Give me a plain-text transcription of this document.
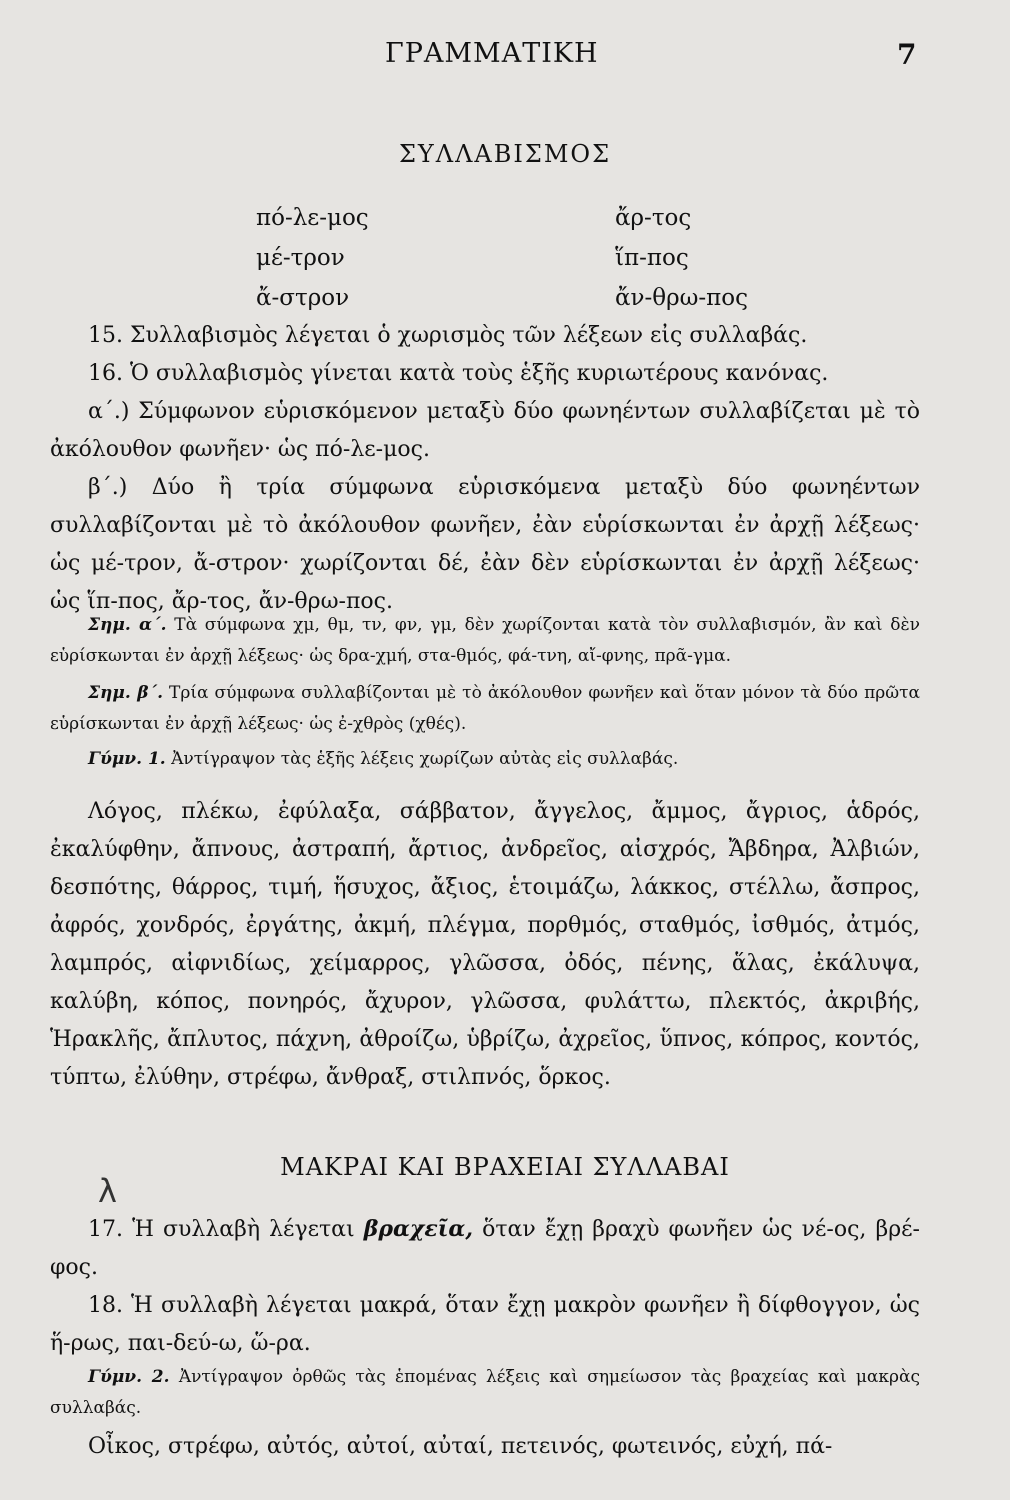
ΓΡΑΜΜΑΤΙΚΗ	7
ΣΥΛΛΑΒΙΣΜΟΣ
πό-λε-μος	ἄρ-τος
μέ-τρον	ἵπ-πος
ἄ-στρον	ἄν-θρω-πος
15. Συλλαβισμὸς λέγεται ὁ χωρισμὸς τῶν λέξεων εἰς συλλαβάς.
16. Ὁ συλλαβισμὸς γίνεται κατὰ τοὺς ἑξῆς κυριωτέρους κανόνας.
α΄.) Σύμφωνον εὑρισκόμενον μεταξὺ δύο φωνηέντων συλλαβίζεται μὲ τὸ ἀκόλουθον φωνῆεν· ὡς πό-λε-μος.
β΄.) Δύο ἢ τρία σύμφωνα εὑρισκόμενα μεταξὺ δύο φωνηέντων συλλαβίζονται μὲ τὸ ἀκόλουθον φωνῆεν, ἐὰν εὑρίσκωνται ἐν ἀρχῇ λέξεως· ὡς μέ-τρον, ἄ-στρον· χωρίζονται δέ, ἐὰν δὲν εὑρίσκωνται ἐν ἀρχῇ λέξεως· ὡς ἵπ-πος, ἄρ-τος, ἄν-θρω-πος.
Σημ. α΄. Τὰ σύμφωνα χμ, θμ, τν, φν, γμ, δὲν χωρίζονται κατὰ τὸν συλλαβισμόν, ἂν καὶ δὲν εὑρίσκωνται ἐν ἀρχῇ λέξεως· ὡς δρα-χμή, στα-θμός, φά-τνη, αἴ-φνης, πρᾶ-γμα.
Σημ. β΄. Τρία σύμφωνα συλλαβίζονται μὲ τὸ ἀκόλουθον φωνῆεν καὶ ὅταν μόνον τὰ δύο πρῶτα εὑρίσκωνται ἐν ἀρχῇ λέξεως· ὡς ἐ-χθρὸς (χθές).
Γύμν. 1. Ἀντίγραψον τὰς ἑξῆς λέξεις χωρίζων αὐτὰς εἰς συλλαβάς.
Λόγος, πλέκω, ἐφύλαξα, σάββατον, ἄγγελος, ἄμμος, ἄγριος, ἁδρός, ἐκαλύφθην, ἄπνους, ἀστραπή, ἄρτιος, ἀνδρεῖος, αἰσχρός, Ἄβδηρα, Ἀλβιών, δεσπότης, θάρρος, τιμή, ἥσυχος, ἄξιος, ἑτοιμάζω, λάκκος, στέλλω, ἄσπρος, ἀφρός, χονδρός, ἐργάτης, ἀκμή, πλέγμα, πορθμός, σταθμός, ἰσθμός, ἀτμός, λαμπρός, αἰφνιδίως, χείμαρρος, γλῶσσα, ὀδός, πένης, ἅλας, ἐκάλυψα, καλύβη, κόπος, πονηρός, ἄχυρον, γλῶσσα, φυλάττω, πλεκτός, ἀκριβής, Ἡρακλῆς, ἄπλυτος, πάχνη, ἀθροίζω, ὑβρίζω, ἀχρεῖος, ὕπνος, κόπρος, κοντός, τύπτω, ἐλύθην, στρέφω, ἄνθραξ, στιλπνός, ὅρκος.
ΜΑΚΡΑΙ ΚΑΙ ΒΡΑΧΕΙΑΙ ΣΥΛΛΑΒΑΙ
λ
17. Ἡ συλλαβὴ λέγεται βραχεῖα, ὅταν ἔχῃ βραχὺ φωνῆεν ὡς νέ-ος, βρέ-φος.
18. Ἡ συλλαβὴ λέγεται μακρά, ὅταν ἔχῃ μακρὸν φωνῆεν ἢ δίφθογγον, ὡς ἥ-ρως, παι-δεύ-ω, ὥ-ρα.
Γύμν. 2. Ἀντίγραψον ὀρθῶς τὰς ἑπομένας λέξεις καὶ σημείωσον τὰς βραχείας καὶ μακρὰς συλλαβάς.
Οἶκος, στρέφω, αὐτός, αὐτοί, αὐταί, πετεινός, φωτεινός, εὐχή, πά-
